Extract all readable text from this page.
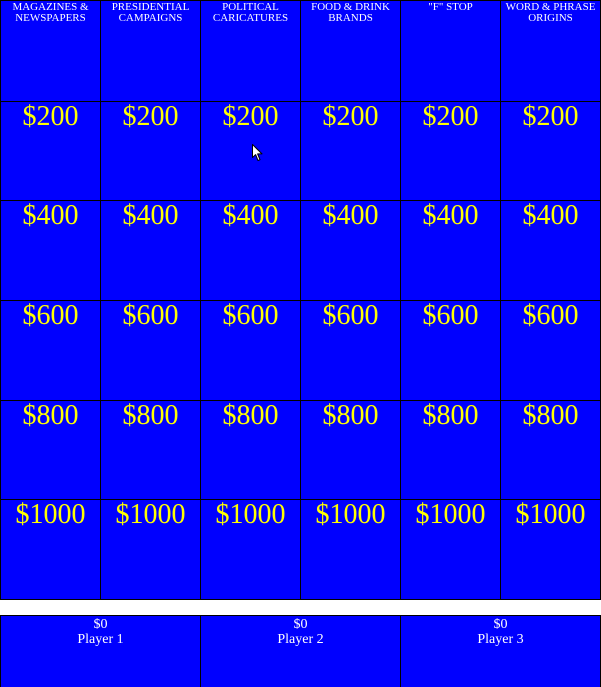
MAGAZINES & NEWSPAPERS	PRESIDENTIAL CAMPAIGNS	POLITICAL CARICATURES	FOOD & DRINK BRANDS	"F" STOP	WORD & PHRASE ORIGINS
$200	$200	$200	$200	$200	$200
$400	$400	$400	$400	$400	$400
$600	$600	$600	$600	$600	$600
$800	$800	$800	$800	$800	$800
$1000	$1000	$1000	$1000	$1000	$1000
$0
Player 1

$0
Player 2

$0
Player 3
